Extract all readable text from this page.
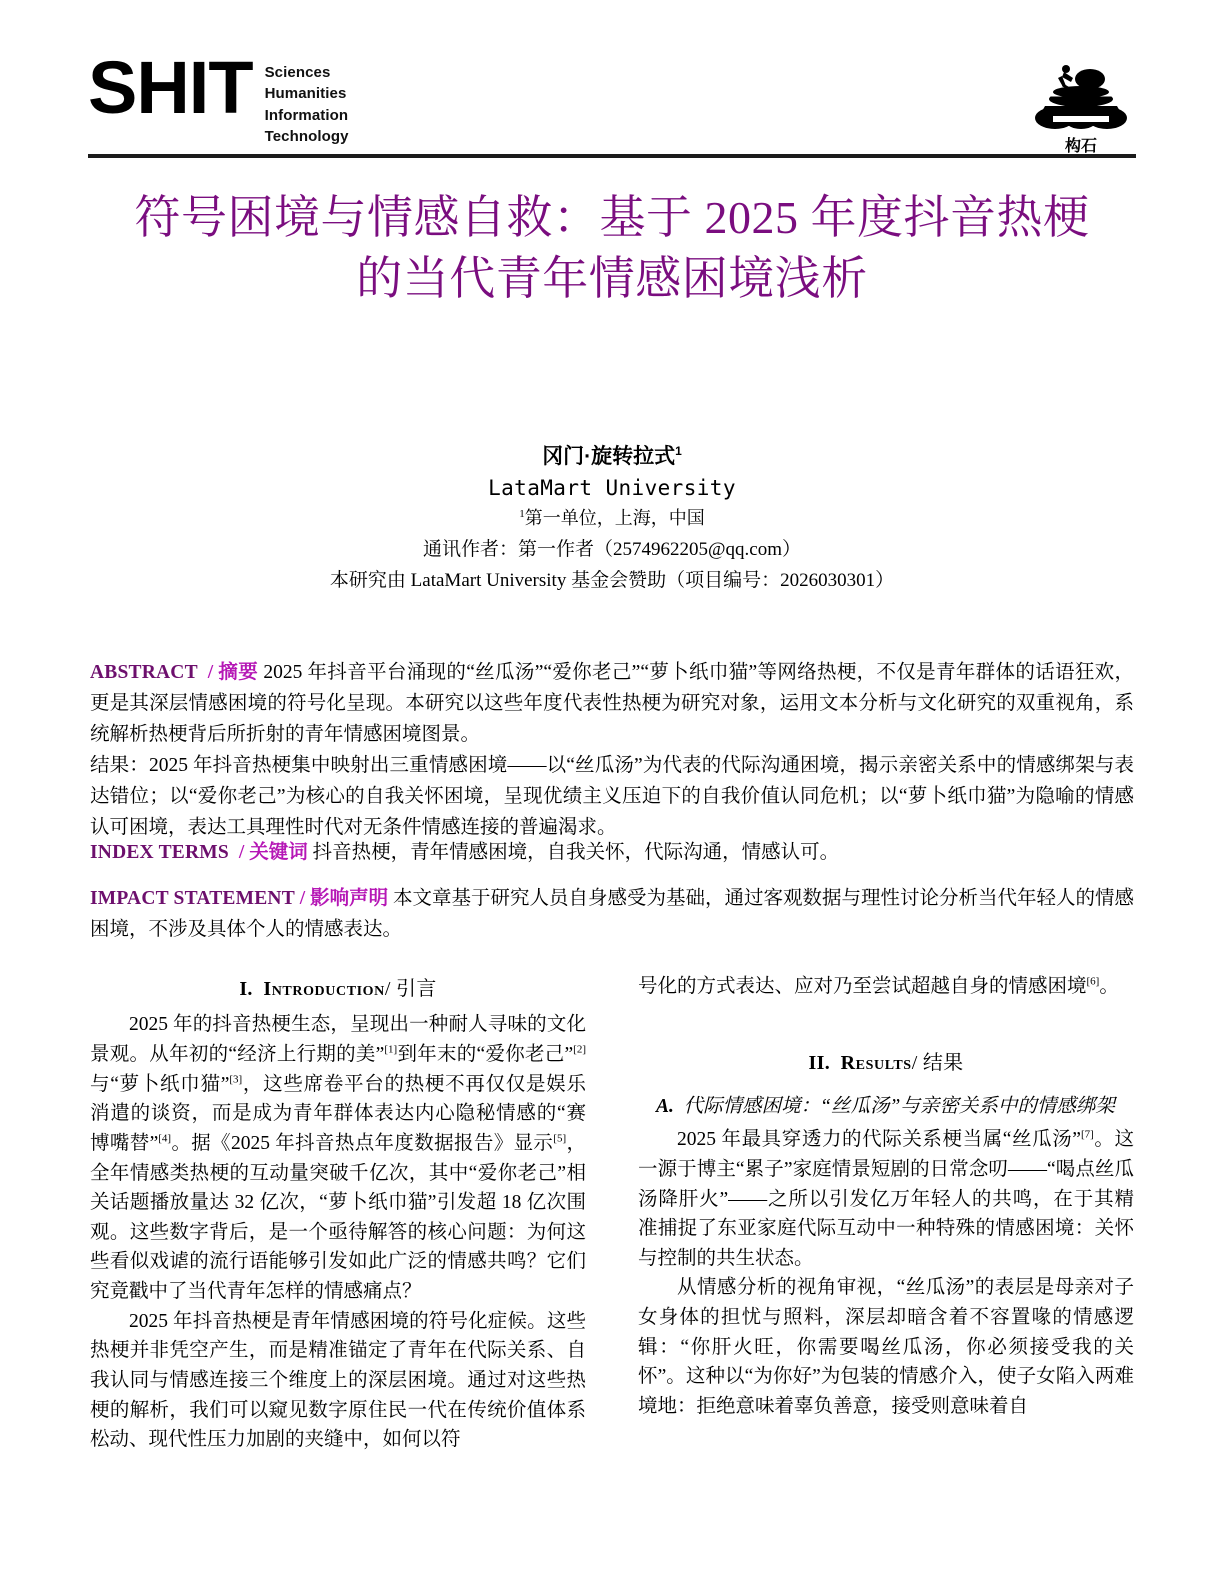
SHIT Sciences
Humanities
Information
Technology
构石
符号困境与情感自救：基于 2025 年度抖音热梗的当代青年情感困境浅析

冈门·旋转拉式$^1$

LataMart University

$^1$第一单位，上海，中国

通讯作者：第一作者（2574962205@qq.com）

本研究由 LataMart University 基金会赞助（项目编号：2026030301）

ABSTRACT / 摘要 2025 年抖音平台涌现的“丝瓜汤”“爱你老己”“萝卜纸巾猫”等网络热梗，不仅是青年群体的话语狂欢，更是其深层情感困境的符号化呈现。本研究以这些年度代表性热梗为研究对象，运用文本分析与文化研究的双重视角，系统解析热梗背后所折射的青年情感困境图景。

结果：2025 年抖音热梗集中映射出三重情感困境——以“丝瓜汤”为代表的代际沟通困境，揭示亲密关系中的情感绑架与表达错位；以“爱你老己”为核心的自我关怀困境，呈现优绩主义压迫下的自我价值认同危机；以“萝卜纸巾猫”为隐喻的情感认可困境，表达工具理性时代对无条件情感连接的普遍渴求。

INDEX TERMS / 关键词 抖音热梗，青年情感困境，自我关怀，代际沟通，情感认可。

IMPACT STATEMENT / 影响声明 本文章基于研究人员自身感受为基础，通过客观数据与理性讨论分析当代年轻人的情感困境，不涉及具体个人的情感表达。

I. Introduction/ 引言

2025 年的抖音热梗生态，呈现出一种耐人寻味的文化景观。从年初的“经济上行期的美”[1]到年末的“爱你老己”[2]与“萝卜纸巾猫”[3]，这些席卷平台的热梗不再仅仅是娱乐消遣的谈资，而是成为青年群体表达内心隐秘情感的“赛博嘴替”[4]。据《2025 年抖音热点年度数据报告》显示[5]，全年情感类热梗的互动量突破千亿次，其中“爱你老己”相关话题播放量达 32 亿次，“萝卜纸巾猫”引发超 18 亿次围观。这些数字背后，是一个亟待解答的核心问题：为何这些看似戏谑的流行语能够引发如此广泛的情感共鸣？它们究竟戳中了当代青年怎样的情感痛点？

2025 年抖音热梗是青年情感困境的符号化症候。这些热梗并非凭空产生，而是精准锚定了青年在代际关系、自我认同与情感连接三个维度上的深层困境。通过对这些热梗的解析，我们可以窥见数字原住民一代在传统价值体系松动、现代性压力加剧的夹缝中，如何以符

号化的方式表达、应对乃至尝试超越自身的情感困境[6]。

II. Results/ 结果

A. 代际情感困境：“丝瓜汤”与亲密关系中的情感绑架

2025 年最具穿透力的代际关系梗当属“丝瓜汤”[7]。这一源于博主“累子”家庭情景短剧的日常念叨——“喝点丝瓜汤降肝火”——之所以引发亿万年轻人的共鸣，在于其精准捕捉了东亚家庭代际互动中一种特殊的情感困境：关怀与控制的共生状态。

从情感分析的视角审视，“丝瓜汤”的表层是母亲对子女身体的担忧与照料，深层却暗含着不容置喙的情感逻辑：“你肝火旺，你需要喝丝瓜汤，你必须接受我的关怀”。这种以“为你好”为包装的情感介入，使子女陷入两难境地：拒绝意味着辜负善意，接受则意味着自
